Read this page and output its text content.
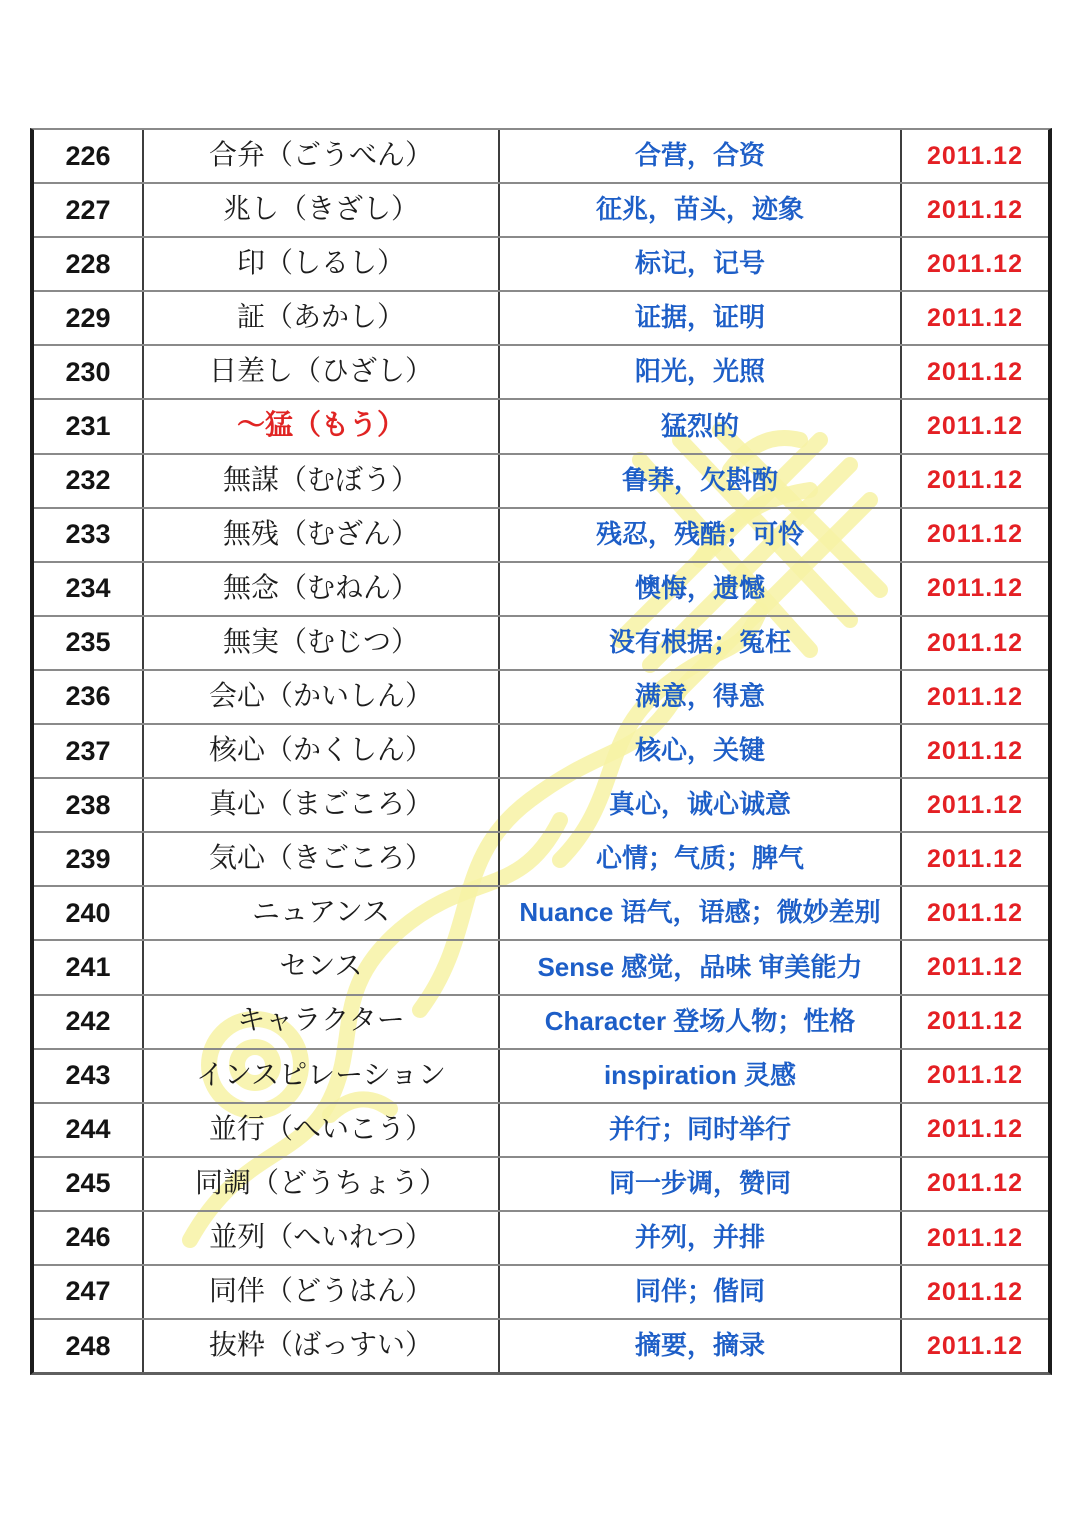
226	合弁（ごうべん）	合营，合资	2011.12
227	兆し（きざし）	征兆，苗头，迹象	2011.12
228	印（しるし）	标记，记号	2011.12
229	証（あかし）	证据，证明	2011.12
230	日差し（ひざし）	阳光，光照	2011.12
231	～猛（もう）	猛烈的	2011.12
232	無謀（むぼう）	鲁莽，欠斟酌	2011.12
233	無残（むざん）	残忍，残酷；可怜	2011.12
234	無念（むねん）	懊悔，遗憾	2011.12
235	無実（むじつ）	没有根据；冤枉	2011.12
236	会心（かいしん）	满意，得意	2011.12
237	核心（かくしん）	核心，关键	2011.12
238	真心（まごころ）	真心，诚心诚意	2011.12
239	気心（きごころ）	心情；气质；脾气	2011.12
240	ニュアンス	Nuance 语气，语感；微妙差别	2011.12
241	センス	Sense 感觉，品味 审美能力	2011.12
242	キャラクター	Character 登场人物；性格	2011.12
243	インスピレーション	inspiration 灵感	2011.12
244	並行（へいこう）	并行；同时举行	2011.12
245	同調（どうちょう）	同一步调，赞同	2011.12
246	並列（へいれつ）	并列，并排	2011.12
247	同伴（どうはん）	同伴；偕同	2011.12
248	抜粋（ばっすい）	摘要，摘录	2011.12
